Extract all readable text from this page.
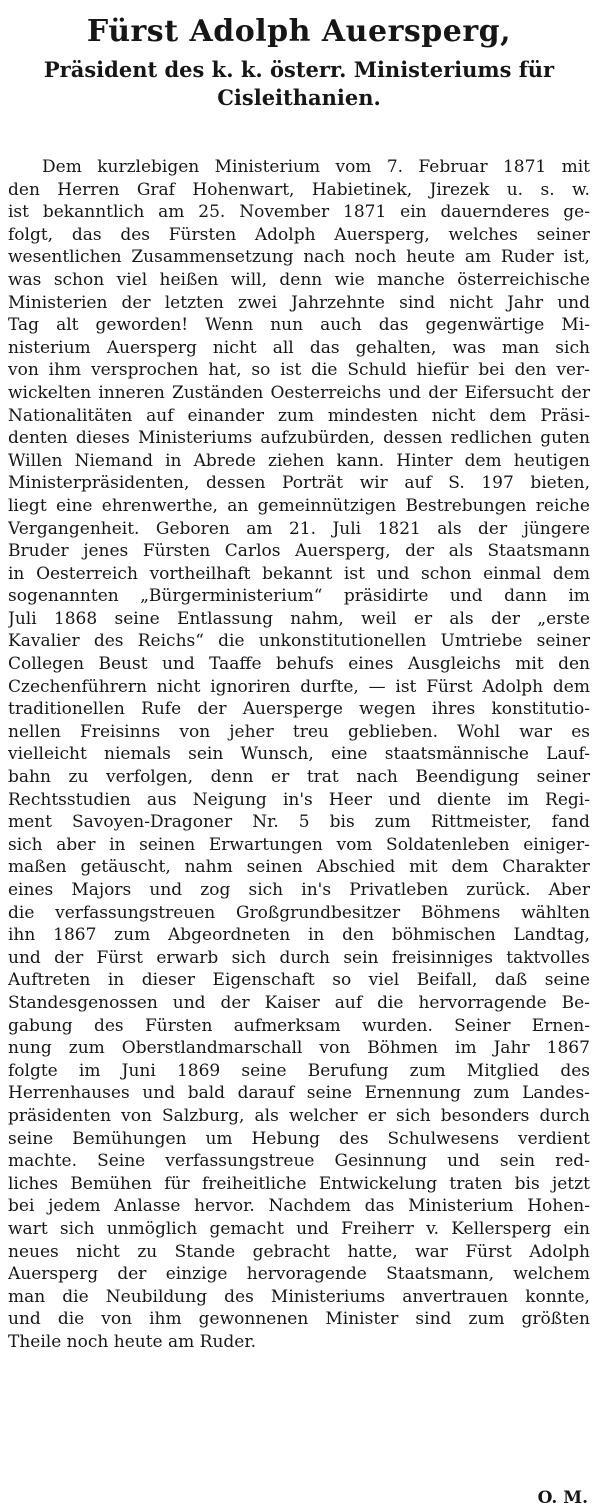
Fürst Adolph Auersperg,
Präsident des k. k. österr. Ministeriums für
Cisleithanien.
Dem kurzlebigen Ministerium vom 7. Februar 1871 mit
den Herren Graf Hohenwart, Habietinek, Jirezek u. s. w.
ist bekanntlich am 25. November 1871 ein dauernderes ge-
folgt, das des Fürsten Adolph Auersperg, welches seiner
wesentlichen Zusammensetzung nach noch heute am Ruder ist,
was schon viel heißen will, denn wie manche österreichische
Ministerien der letzten zwei Jahrzehnte sind nicht Jahr und
Tag alt geworden! Wenn nun auch das gegenwärtige Mi-
nisterium Auersperg nicht all das gehalten, was man sich
von ihm versprochen hat, so ist die Schuld hiefür bei den ver-
wickelten inneren Zuständen Oesterreichs und der Eifersucht der
Nationalitäten auf einander zum mindesten nicht dem Präsi-
denten dieses Ministeriums aufzubürden, dessen redlichen guten
Willen Niemand in Abrede ziehen kann. Hinter dem heutigen
Ministerpräsidenten, dessen Porträt wir auf S. 197 bieten,
liegt eine ehrenwerthe, an gemeinnützigen Bestrebungen reiche
Vergangenheit. Geboren am 21. Juli 1821 als der jüngere
Bruder jenes Fürsten Carlos Auersperg, der als Staatsmann
in Oesterreich vortheilhaft bekannt ist und schon einmal dem
sogenannten „Bürgerministerium“ präsidirte und dann im
Juli 1868 seine Entlassung nahm, weil er als der „erste
Kavalier des Reichs“ die unkonstitutionellen Umtriebe seiner
Collegen Beust und Taaffe behufs eines Ausgleichs mit den
Czechenführern nicht ignoriren durfte, — ist Fürst Adolph dem
traditionellen Rufe der Auersperge wegen ihres konstitutio-
nellen Freisinns von jeher treu geblieben. Wohl war es
vielleicht niemals sein Wunsch, eine staatsmännische Lauf-
bahn zu verfolgen, denn er trat nach Beendigung seiner
Rechtsstudien aus Neigung in's Heer und diente im Regi-
ment Savoyen-Dragoner Nr. 5 bis zum Rittmeister, fand
sich aber in seinen Erwartungen vom Soldatenleben einiger-
maßen getäuscht, nahm seinen Abschied mit dem Charakter
eines Majors und zog sich in's Privatleben zurück. Aber
die verfassungstreuen Großgrundbesitzer Böhmens wählten
ihn 1867 zum Abgeordneten in den böhmischen Landtag,
und der Fürst erwarb sich durch sein freisinniges taktvolles
Auftreten in dieser Eigenschaft so viel Beifall, daß seine
Standesgenossen und der Kaiser auf die hervorragende Be-
gabung des Fürsten aufmerksam wurden. Seiner Ernen-
nung zum Oberstlandmarschall von Böhmen im Jahr 1867
folgte im Juni 1869 seine Berufung zum Mitglied des
Herrenhauses und bald darauf seine Ernennung zum Landes-
präsidenten von Salzburg, als welcher er sich besonders durch
seine Bemühungen um Hebung des Schulwesens verdient
machte. Seine verfassungstreue Gesinnung und sein red-
liches Bemühen für freiheitliche Entwickelung traten bis jetzt
bei jedem Anlasse hervor. Nachdem das Ministerium Hohen-
wart sich unmöglich gemacht und Freiherr v. Kellersperg ein
neues nicht zu Stande gebracht hatte, war Fürst Adolph
Auersperg der einzige hervoragende Staatsmann, welchem
man die Neubildung des Ministeriums anvertrauen konnte,
und die von ihm gewonnenen Minister sind zum größten
Theile noch heute am Ruder.
O. M.
